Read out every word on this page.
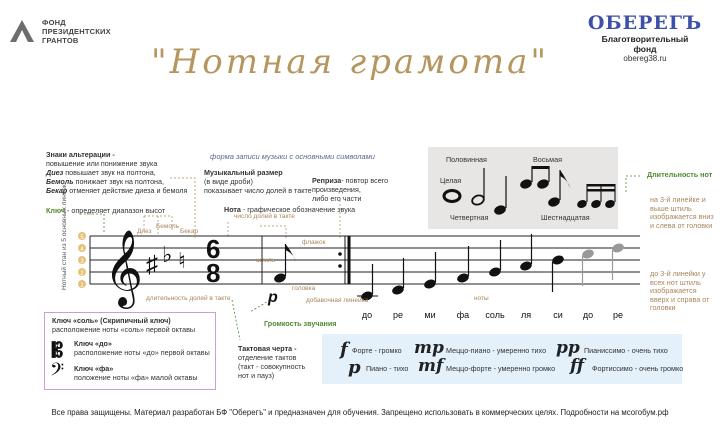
ФОНД
ПРЕЗИДЕНТСКИХ
ГРАНТОВ
"Нотная грамота"
ОБЕРЕГЪ
Благотворительный
фонд
obereg38.ru
Знаки альтерации -
повышение или понижение звука
Диез повышает звук на полтона,
Бемоль понижает звук на полтона,
Бекар отменяет действие диеза и бемоля
форма записи музыки с основными символами
Музыкальный размер
(в виде дроби)
показывает число долей в такте
Реприза- повтор всего произведения,
либо его части
Нота - графическое обозначение звука
Ключ - определяет диапазон высот
Половинная	Восьмая
Целая
Четвертная	Шестнадцатая
Длительность нот
на 3-й линейке и выше штиль изображается вниз и слева от головки
до 3-й линейки у всех нот штиль изображается вверх и справа от головки
5
4
3
2
1
Нотный стан из 5 основных линеек 𝄞 ♯ ♭ ♮
Диез
Бемоль
Бекар
6
8
число долей в такте
флажок
штиль
головка
p	добавочная линейка	ноты
длительность долей в такте
до ре ми фа соль ля си до ре
Громкость звучания
Ключ «соль» (Скрипичный ключ)
расположение ноты «соль» первой октавы
𝄡 Ключ «до»
расположение ноты «до» первой октавы
𝄢 Ключ «фа»
положение ноты «фа» малой октавы
Тактовая черта -
отделение тактов
(такт - совокупность
нот и пауз)
f Форте - громко
p Пиано - тихо
mp Меццо-пиано - умеренно тихо
mf Меццо-форте - умеренно громко
pp Пианиссимо - очень тихо
ff Фортиссимо - очень громко
Все права защищены. Материал разработан БФ "Оберегъ" и предназначен для обучения. Запрещено использовать в коммерческих целях. Подробности на мсогобум.рф
